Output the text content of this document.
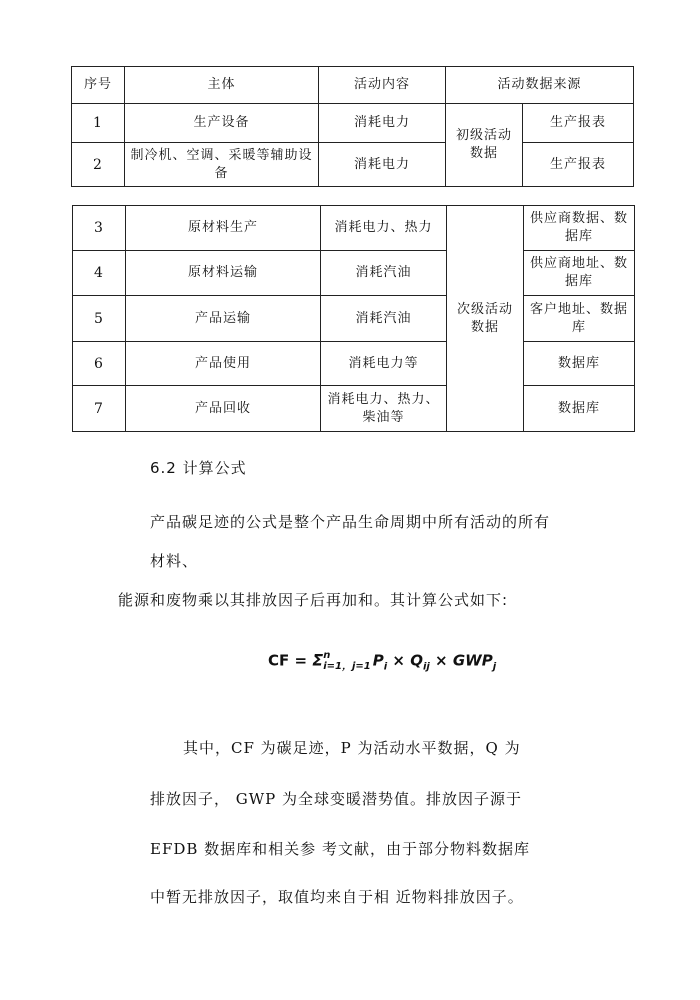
序号	主体	活动内容	活动数据来源	
1	生产设备	消耗电力	初级活动数据	生产报表
2	制冷机、空调、采暖等辅助设备	消耗电力		生产报表
3	原材料生产	消耗电力、热力	次级活动数据	供应商数据、数据库
4	原材料运输	消耗汽油		供应商地址、数据库
5	产品运输	消耗汽油		客户地址、数据库
6	产品使用	消耗电力等		数据库
7	产品回收	消耗电力、热力、柴油等		数据库
6.2 计算公式
产品碳足迹的公式是整个产品生命周期中所有活动的所有
材料、
能源和废物乘以其排放因子后再加和。其计算公式如下:
CF = Σ n
i=1，j=1 $P_i \times Q_{ij} \times GWP_j$
其中，CF 为碳足迹，P 为活动水平数据，Q 为
排放因子， GWP 为全球变暖潜势值。排放因子源于
EFDB 数据库和相关参 考文献，由于部分物料数据库
中暂无排放因子，取值均来自于相 近物料排放因子。
